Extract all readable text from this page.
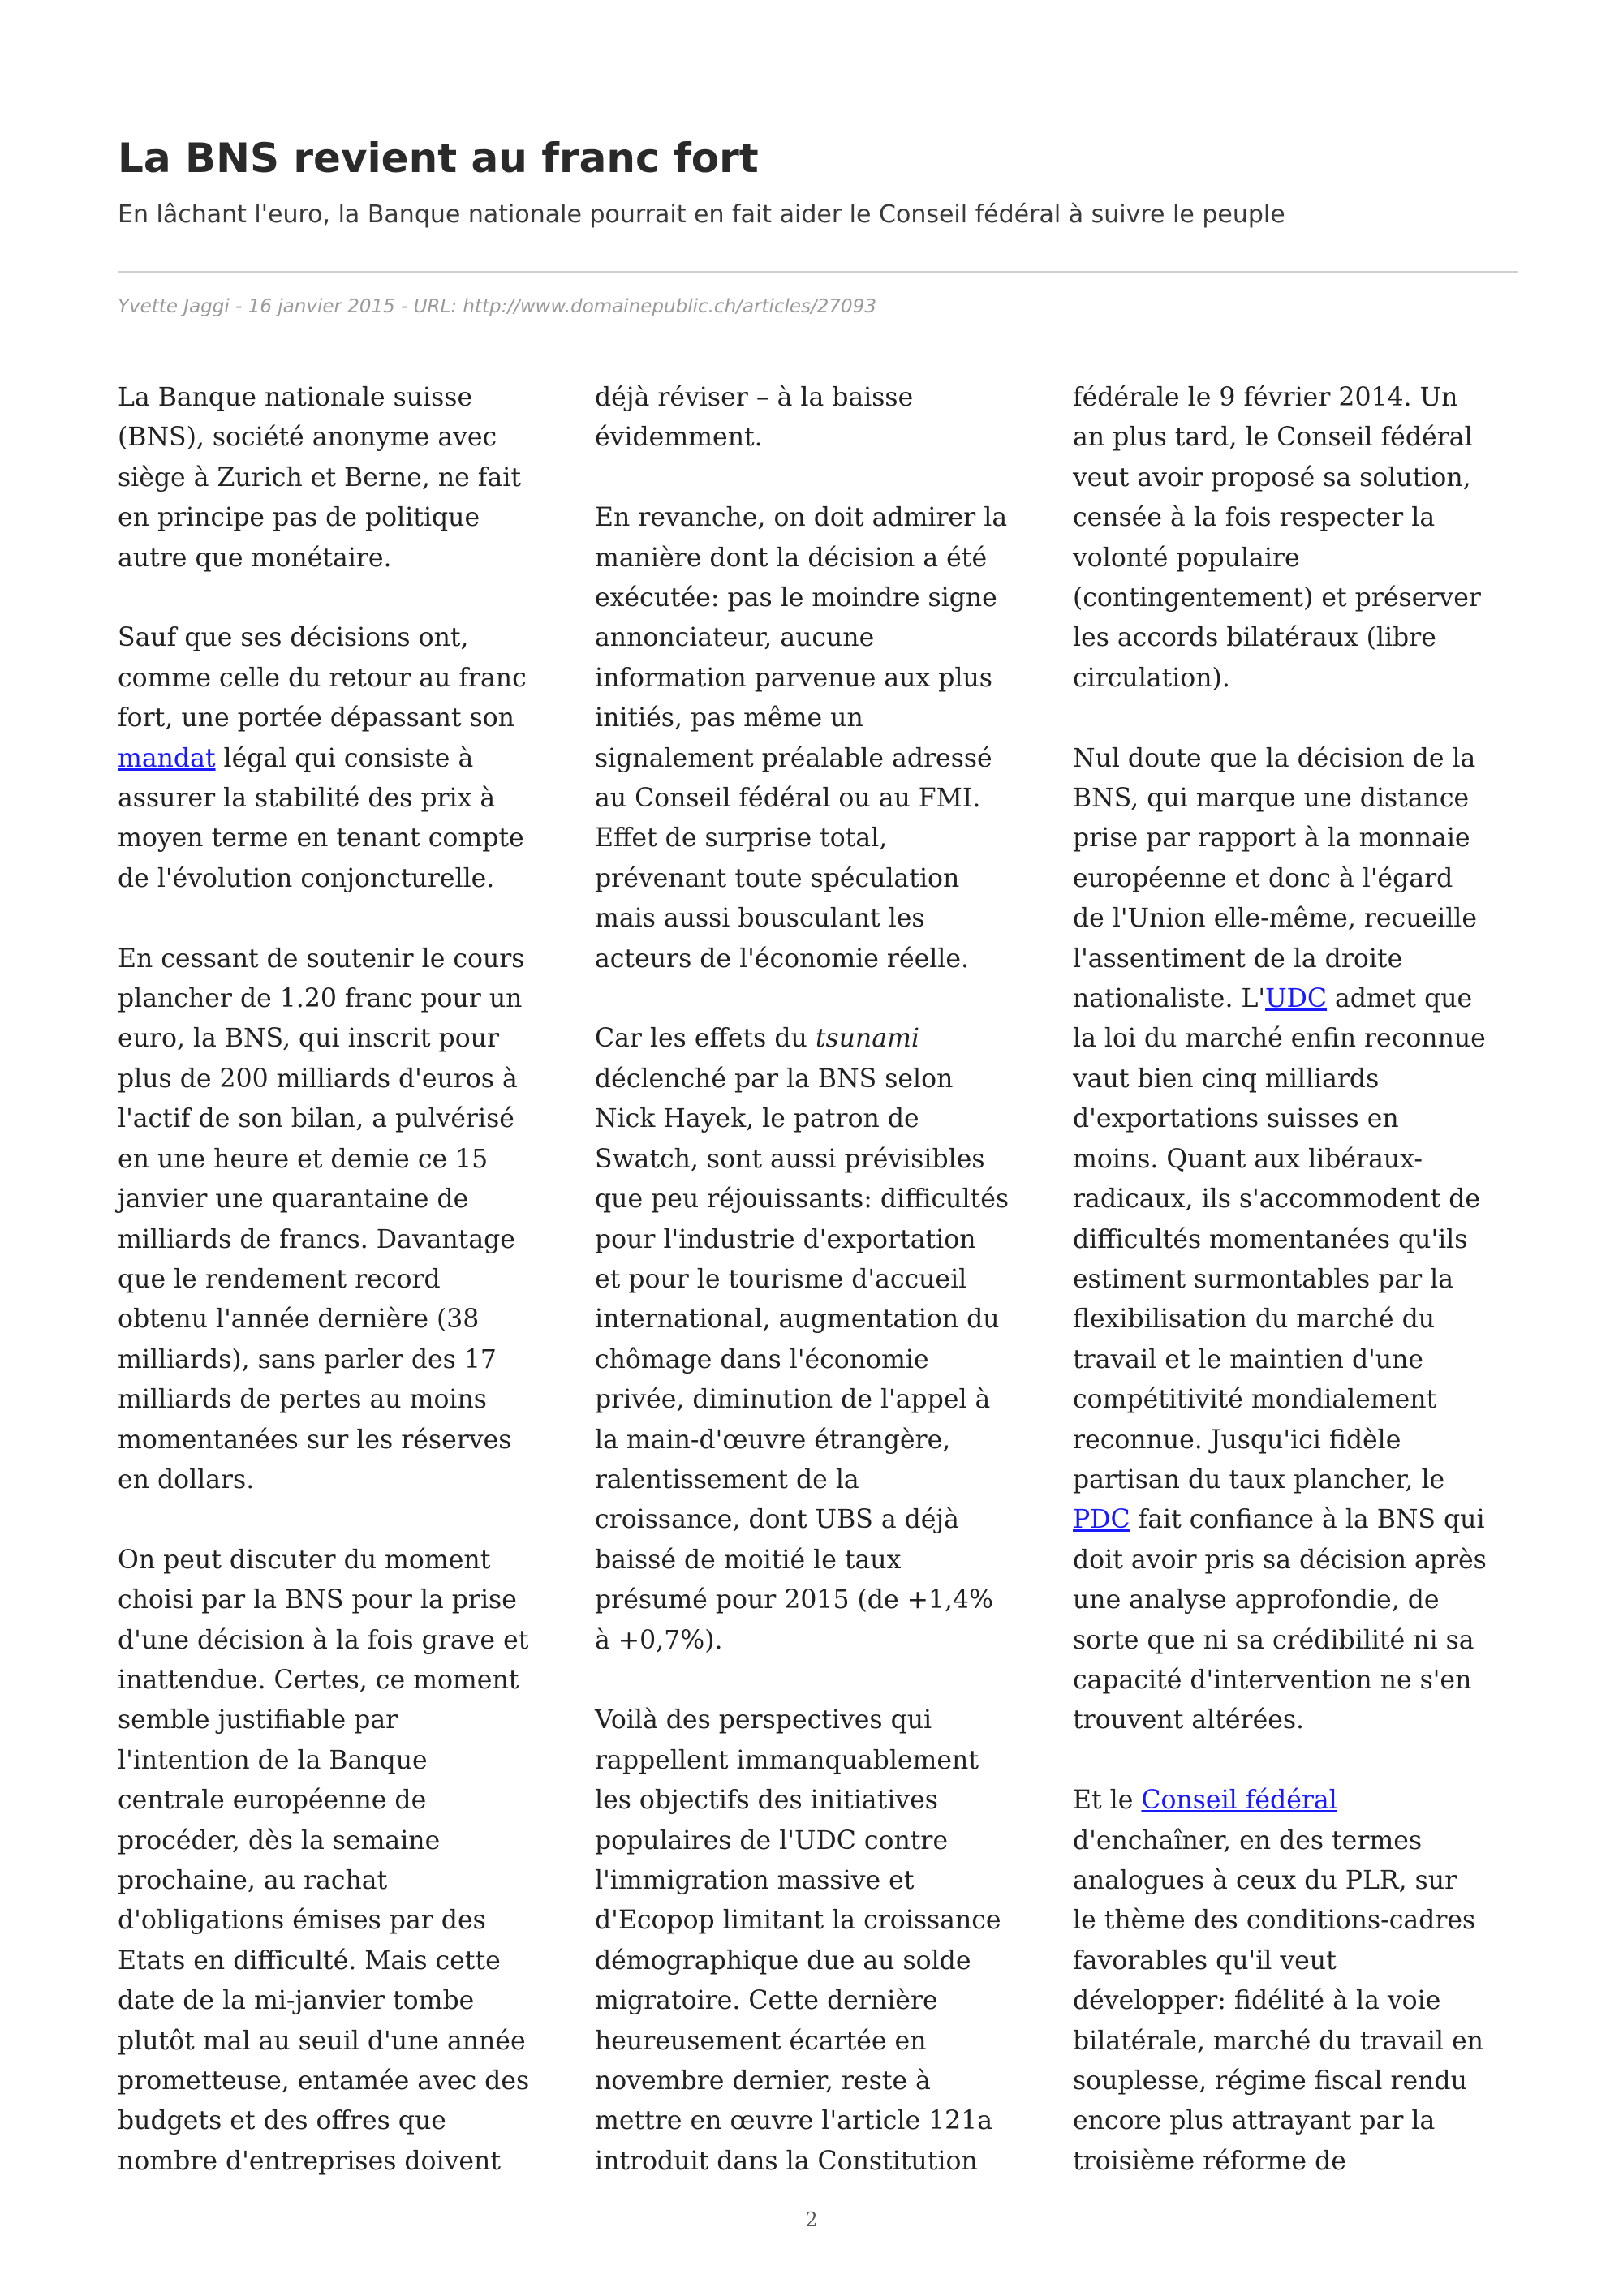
La BNS revient au franc fort
En lâchant l'euro, la Banque nationale pourrait en fait aider le Conseil fédéral à suivre le peuple
Yvette Jaggi - 16 janvier 2015 - URL: http://www.domainepublic.ch/articles/27093

La Banque nationale suisse
(BNS), société anonyme avec
siège à Zurich et Berne, ne fait
en principe pas de politique
autre que monétaire.

Sauf que ses décisions ont,
comme celle du retour au franc
fort, une portée dépassant son
mandat légal qui consiste à
assurer la stabilité des prix à
moyen terme en tenant compte
de l'évolution conjoncturelle.

En cessant de soutenir le cours
plancher de 1.20 franc pour un
euro, la BNS, qui inscrit pour
plus de 200 milliards d'euros à
l'actif de son bilan, a pulvérisé
en une heure et demie ce 15
janvier une quarantaine de
milliards de francs. Davantage
que le rendement record
obtenu l'année dernière (38
milliards), sans parler des 17
milliards de pertes au moins
momentanées sur les réserves
en dollars.

On peut discuter du moment
choisi par la BNS pour la prise
d'une décision à la fois grave et
inattendue. Certes, ce moment
semble justifiable par
l'intention de la Banque
centrale européenne de
procéder, dès la semaine
prochaine, au rachat
d'obligations émises par des
Etats en difficulté. Mais cette
date de la mi-janvier tombe
plutôt mal au seuil d'une année
prometteuse, entamée avec des
budgets et des offres que
nombre d'entreprises doivent

déjà réviser – à la baisse
évidemment.

En revanche, on doit admirer la
manière dont la décision a été
exécutée: pas le moindre signe
annonciateur, aucune
information parvenue aux plus
initiés, pas même un
signalement préalable adressé
au Conseil fédéral ou au FMI.
Effet de surprise total,
prévenant toute spéculation
mais aussi bousculant les
acteurs de l'économie réelle.

Car les effets du tsunami
déclenché par la BNS selon
Nick Hayek, le patron de
Swatch, sont aussi prévisibles
que peu réjouissants: difficultés
pour l'industrie d'exportation
et pour le tourisme d'accueil
international, augmentation du
chômage dans l'économie
privée, diminution de l'appel à
la main-d'œuvre étrangère,
ralentissement de la
croissance, dont UBS a déjà
baissé de moitié le taux
présumé pour 2015 (de +1,4%
à +0,7%).

Voilà des perspectives qui
rappellent immanquablement
les objectifs des initiatives
populaires de l'UDC contre
l'immigration massive et
d'Ecopop limitant la croissance
démographique due au solde
migratoire. Cette dernière
heureusement écartée en
novembre dernier, reste à
mettre en œuvre l'article 121a
introduit dans la Constitution

fédérale le 9 février 2014. Un
an plus tard, le Conseil fédéral
veut avoir proposé sa solution,
censée à la fois respecter la
volonté populaire
(contingentement) et préserver
les accords bilatéraux (libre
circulation).

Nul doute que la décision de la
BNS, qui marque une distance
prise par rapport à la monnaie
européenne et donc à l'égard
de l'Union elle-même, recueille
l'assentiment de la droite
nationaliste. L'UDC admet que
la loi du marché enfin reconnue
vaut bien cinq milliards
d'exportations suisses en
moins. Quant aux libéraux-
radicaux, ils s'accommodent de
difficultés momentanées qu'ils
estiment surmontables par la
flexibilisation du marché du
travail et le maintien d'une
compétitivité mondialement
reconnue. Jusqu'ici fidèle
partisan du taux plancher, le
PDC fait confiance à la BNS qui
doit avoir pris sa décision après
une analyse approfondie, de
sorte que ni sa crédibilité ni sa
capacité d'intervention ne s'en
trouvent altérées.

Et le Conseil fédéral
d'enchaîner, en des termes
analogues à ceux du PLR, sur
le thème des conditions-cadres
favorables qu'il veut
développer: fidélité à la voie
bilatérale, marché du travail en
souplesse, régime fiscal rendu
encore plus attrayant par la
troisième réforme de

2
